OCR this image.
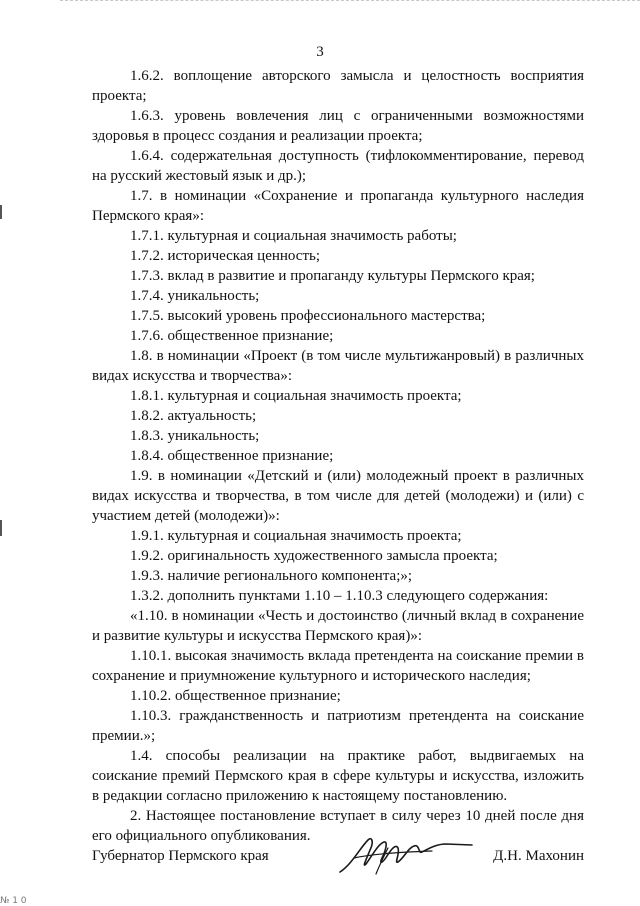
3

1.6.2. воплощение авторского замысла и целостность восприятия проекта;

1.6.3. уровень вовлечения лиц с ограниченными возможностями здоровья в процесс создания и реализации проекта;

1.6.4. содержательная доступность (тифлокомментирование, перевод на русский жестовый язык и др.);

1.7. в номинации «Сохранение и пропаганда культурного наследия Пермского края»:

1.7.1. культурная и социальная значимость работы;

1.7.2. историческая ценность;

1.7.3. вклад в развитие и пропаганду культуры Пермского края;

1.7.4. уникальность;

1.7.5. высокий уровень профессионального мастерства;

1.7.6. общественное признание;

1.8. в номинации «Проект (в том числе мультижанровый) в различных видах искусства и творчества»:

1.8.1. культурная и социальная значимость проекта;

1.8.2. актуальность;

1.8.3. уникальность;

1.8.4. общественное признание;

1.9. в номинации «Детский и (или) молодежный проект в различных видах искусства и творчества, в том числе для детей (молодежи) и (или) с участием детей (молодежи)»:

1.9.1. культурная и социальная значимость проекта;

1.9.2. оригинальность художественного замысла проекта;

1.9.3. наличие регионального компонента;»;

1.3.2. дополнить пунктами 1.10 – 1.10.3 следующего содержания:

«1.10. в номинации «Честь и достоинство (личный вклад в сохранение и развитие культуры и искусства Пермского края)»:

1.10.1. высокая значимость вклада претендента на соискание премии в сохранение и приумножение культурного и исторического наследия;

1.10.2. общественное признание;

1.10.3. гражданственность и патриотизм претендента на соискание премии.»;

1.4. способы реализации на практике работ, выдвигаемых на соискание премий Пермского края в сфере культуры и искусства, изложить в редакции согласно приложению к настоящему постановлению.

2. Настоящее постановление вступает в силу через 10 дней после дня его официального опубликования.

Губернатор Пермского края	Д.Н. Махонин
№ 1 0
